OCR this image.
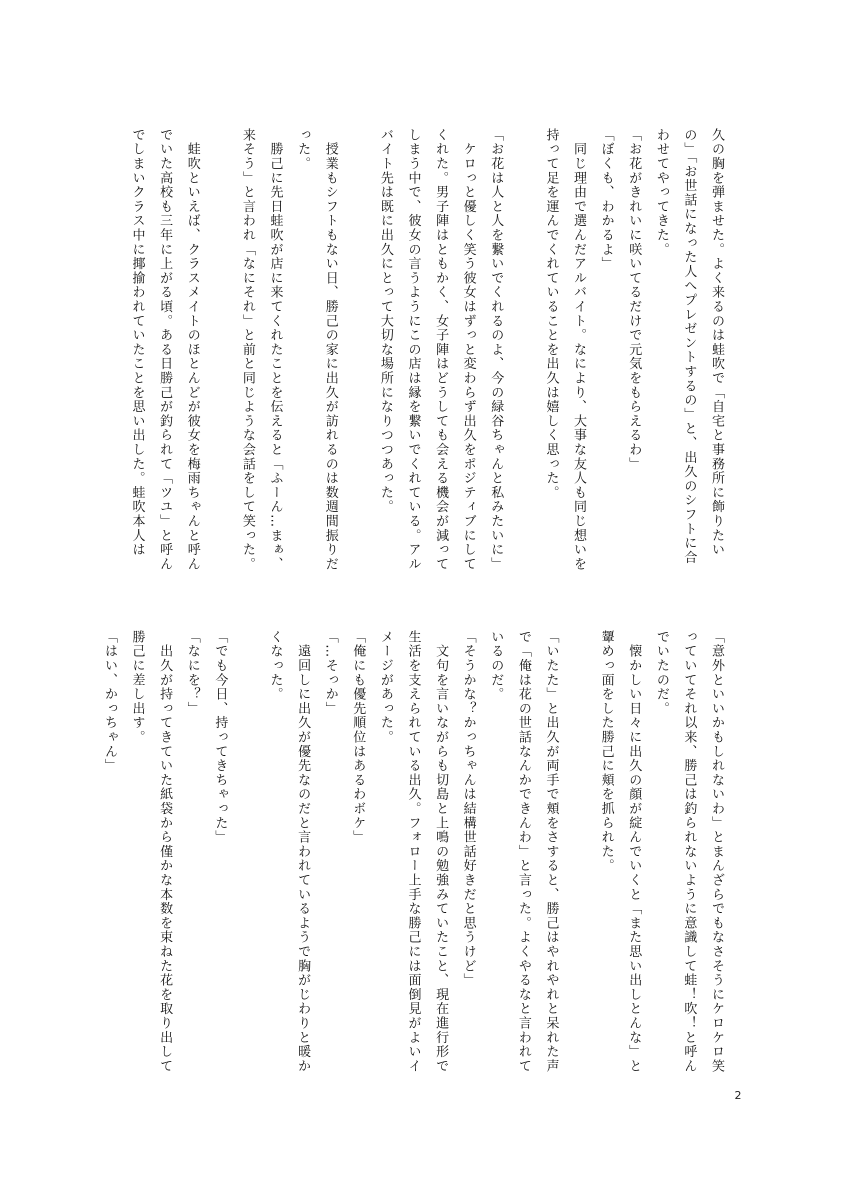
久の胸を弾ませた。よく来るのは蛙吹で「自宅と事務所に飾りたい
の」「お世話になった人へプレゼントするの」と、出久のシフトに合
わせてやってきた。
「お花がきれいに咲いてるだけで元気をもらえるわ」
「ぼくも、わかるよ」
　同じ理由で選んだアルバイト。なにより、大事な友人も同じ想いを
持って足を運んでくれていることを出久は嬉しく思った。
「お花は人と人を繋いでくれるのよ、今の緑谷ちゃんと私みたいに」
　ケロっと優しく笑う彼女はずっと変わらず出久をポジティブにして
くれた。男子陣はともかく、女子陣はどうしても会える機会が減って
しまう中で、彼女の言うようにこの店は縁を繋いでくれている。アル
バイト先は既に出久にとって大切な場所になりつつあった。
　授業もシフトもない日、勝己の家に出久が訪れるのは数週間振りだ
った。
　勝己に先日蛙吹が店に来てくれたことを伝えると「ふーん…まぁ、
来そう」と言われ「なにそれ」と前と同じような会話をして笑った。
　蛙吹といえば、クラスメイトのほとんどが彼女を梅雨ちゃんと呼ん
でいた高校も三年に上がる頃。ある日勝己が釣られて「ツユ」と呼ん
でしまいクラス中に揶揄われていたことを思い出した。蛙吹本人は
「意外といいかもしれないわ」とまんざらでもなさそうにケロケロ笑
っていてそれ以来、勝己は釣られないように意識して蛙！吹！と呼ん
でいたのだ。
　懐かしい日々に出久の顔が綻んでいくと「また思い出しとんな」と
顰めっ面をした勝己に頬を抓られた。
「いたた」と出久が両手で頬をさすると、勝己はやれやれと呆れた声
で「俺は花の世話なんかできんわ」と言った。よくやるなと言われて
いるのだ。
「そうかな？かっちゃんは結構世話好きだと思うけど」
　文句を言いながらも切島と上鳴の勉強みていたこと、現在進行形で
生活を支えられている出久。フォロー上手な勝己には面倒見がよいイ
メージがあった。
「俺にも優先順位はあるわボケ」
「…そっか」
　遠回しに出久が優先なのだと言われているようで胸がじわりと暖か
くなった。
「でも今日、持ってきちゃった」
「なにを？」
　出久が持ってきていた紙袋から僅かな本数を束ねた花を取り出して
勝己に差し出す。
「はい、かっちゃん」
2
